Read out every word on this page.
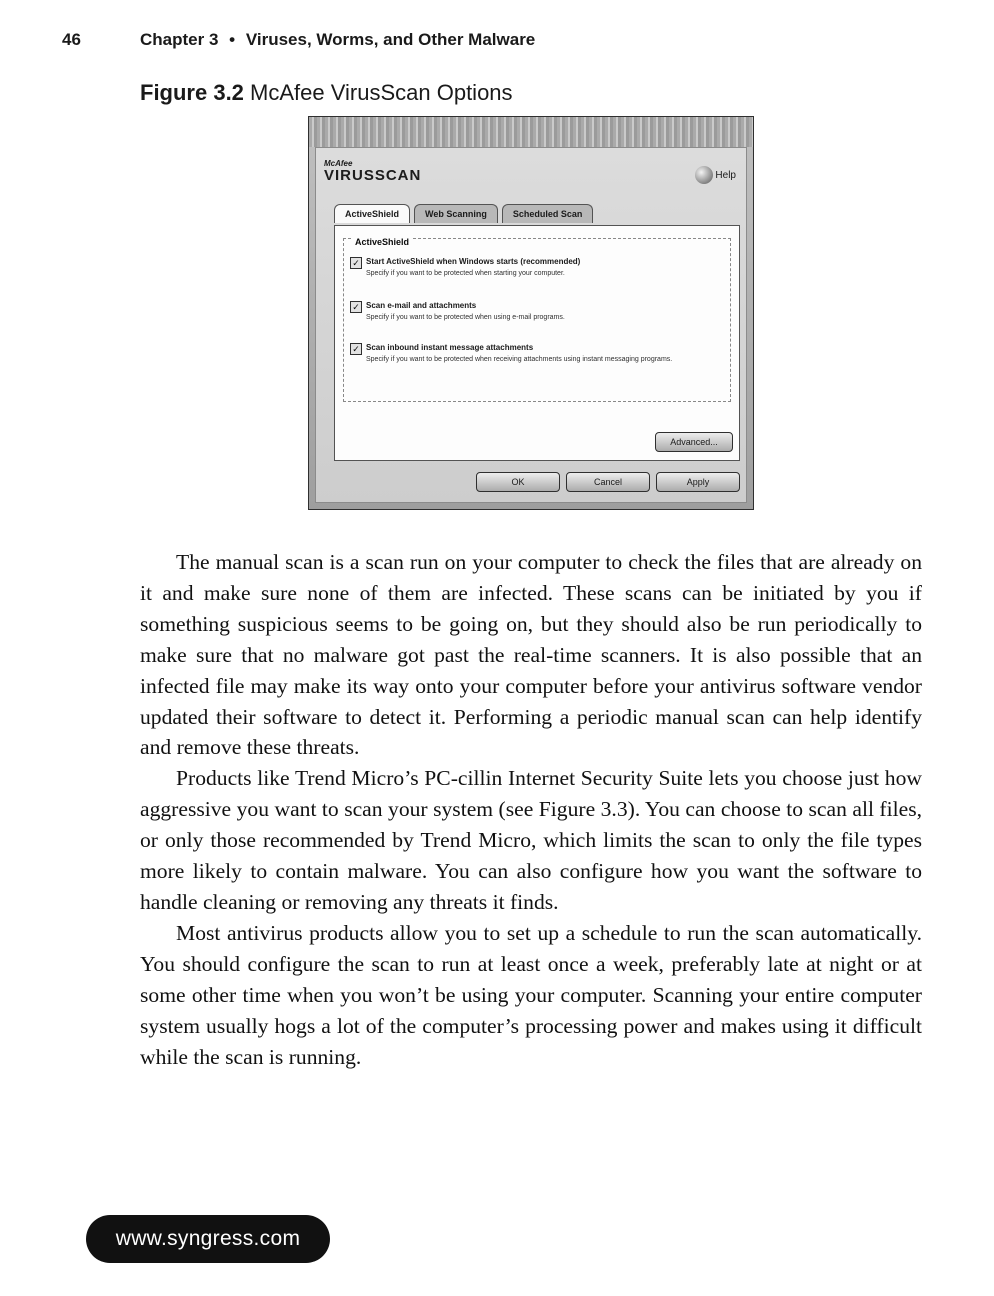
46	Chapter 3 • Viruses, Worms, and Other Malware
Figure 3.2 McAfee VirusScan Options
McAfee
VIRUSSCAN	Help
ActiveShield	Web Scanning	Scheduled Scan
ActiveShield
✓ Start ActiveShield when Windows starts (recommended)
Specify if you want to be protected when starting your computer.
✓ Scan e-mail and attachments
Specify if you want to be protected when using e-mail programs.
✓ Scan inbound instant message attachments
Specify if you want to be protected when receiving attachments using instant messaging programs.
Advanced...
OK	Cancel	Apply

The manual scan is a scan run on your computer to check the files that are already on it and make sure none of them are infected. These scans can be initiated by you if something suspicious seems to be going on, but they should also be run periodically to make sure that no malware got past the real-time scanners. It is also possible that an infected file may make its way onto your computer before your antivirus software vendor updated their software to detect it. Performing a periodic manual scan can help identify and remove these threats.

Products like Trend Micro’s PC-cillin Internet Security Suite lets you choose just how aggressive you want to scan your system (see Figure 3.3). You can choose to scan all files, or only those recommended by Trend Micro, which limits the scan to only the file types more likely to contain malware. You can also configure how you want the software to handle cleaning or removing any threats it finds.

Most antivirus products allow you to set up a schedule to run the scan automatically. You should configure the scan to run at least once a week, preferably late at night or at some other time when you won’t be using your computer. Scanning your entire computer system usually hogs a lot of the computer’s processing power and makes using it difficult while the scan is running.

www.syngress.com
